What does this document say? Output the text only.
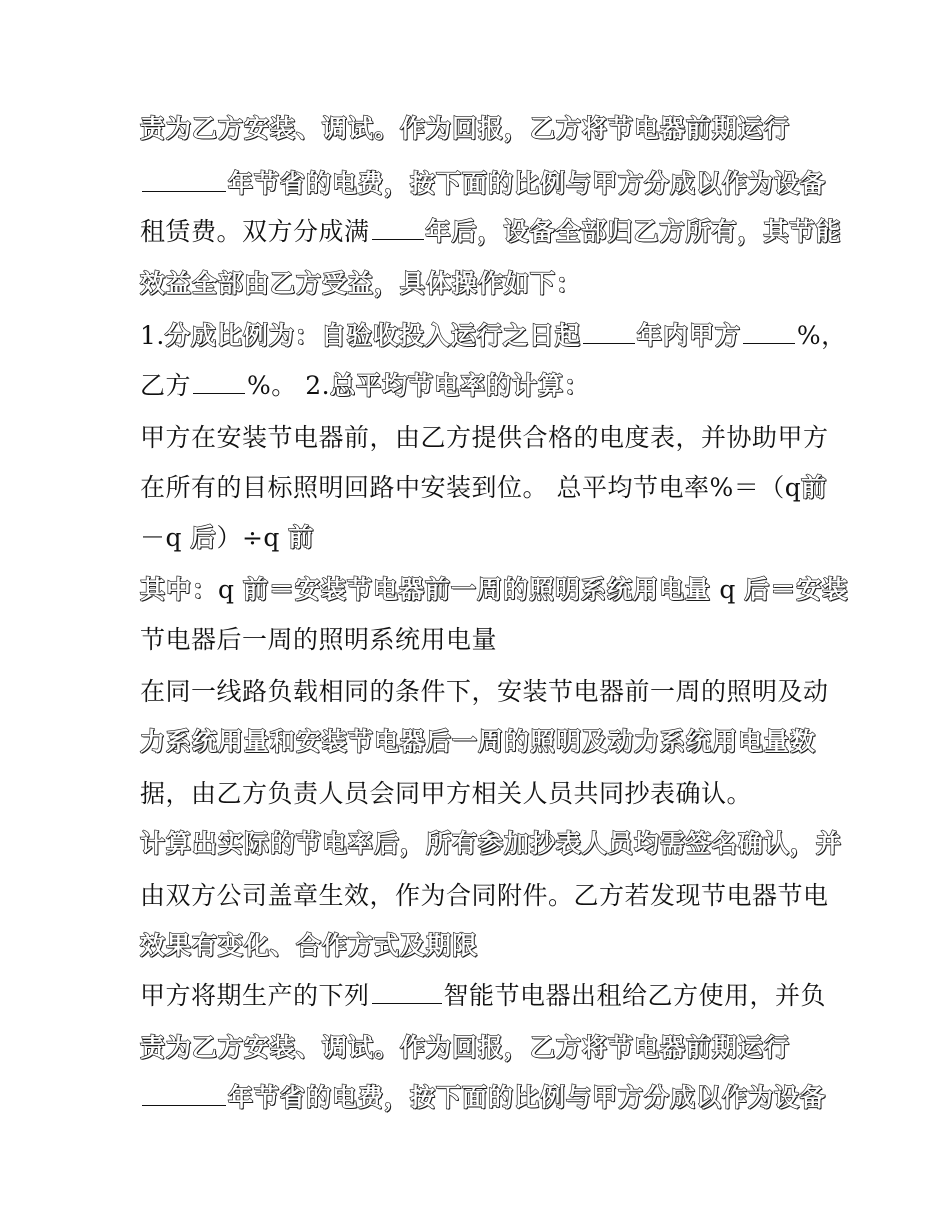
责为乙方安装、调试。作为回报，乙方将节电器前期运行
年节省的电费，按下面的比例与甲方分成以作为设备
租赁费。双方分成满 年后，设备全部归乙方所有，其节能
效益全部由乙方受益，具体操作如下：
1.分成比例为：自验收投入运行之日起 年内甲方 %，
乙方 %。 2.总平均节电率的计算：
甲方在安装节电器前，由乙方提供合格的电度表，并协助甲方
在所有的目标照明回路中安装到位。 总平均节电率%＝（q前
－q 后）÷q 前
其中：q 前＝安装节电器前一周的照明系统用电量 q 后＝安装
节电器后一周的照明系统用电量
在同一线路负载相同的条件下，安装节电器前一周的照明及动
力系统用量和安装节电器后一周的照明及动力系统用电量数
据，由乙方负责人员会同甲方相关人员共同抄表确认。
计算出实际的节电率后，所有参加抄表人员均需签名确认，并
由双方公司盖章生效，作为合同附件。乙方若发现节电器节电
效果有变化、合作方式及期限
甲方将期生产的下列	智能节电器出租给乙方使用，并负
责为乙方安装、调试。作为回报，乙方将节电器前期运行
年节省的电费，按下面的比例与甲方分成以作为设备
